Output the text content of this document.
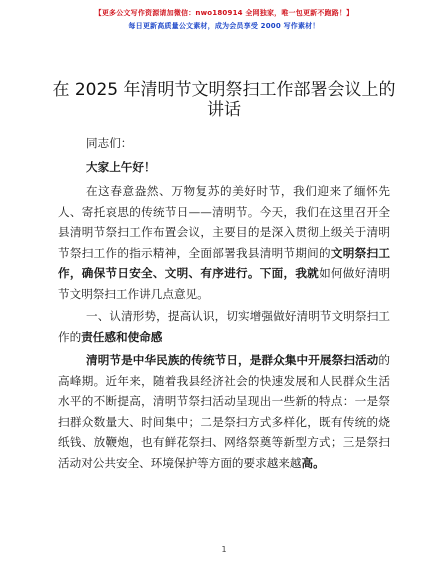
【更多公文写作资源请加微信：nwo180914 全网独家，唯一包更新不跑路！】
每日更新高质量公文素材，成为会员享受 2000 写作素材！
在 2025 年清明节文明祭扫工作部署会议上的讲话

同志们：

大家上午好！

在这春意盎然、万物复苏的美好时节，我们迎来了缅怀先人、寄托哀思的传统节日——清明节。今天，我们在这里召开全县清明节祭扫工作布置会议，主要目的是深入贯彻上级关于清明节祭扫工作的指示精神，全面部署我县清明节期间的文明祭扫工作，确保节日安全、文明、有序进行。下面，我就如何做好清明节文明祭扫工作讲几点意见。

一、认清形势，提高认识，切实增强做好清明节文明祭扫工作的责任感和使命感

清明节是中华民族的传统节日，是群众集中开展祭扫活动的高峰期。近年来，随着我县经济社会的快速发展和人民群众生活水平的不断提高，清明节祭扫活动呈现出一些新的特点：一是祭扫群众数量大、时间集中；二是祭扫方式多样化，既有传统的烧纸钱、放鞭炮，也有鲜花祭扫、网络祭奠等新型方式；三是祭扫活动对公共安全、环境保护等方面的要求越来越高。

1
